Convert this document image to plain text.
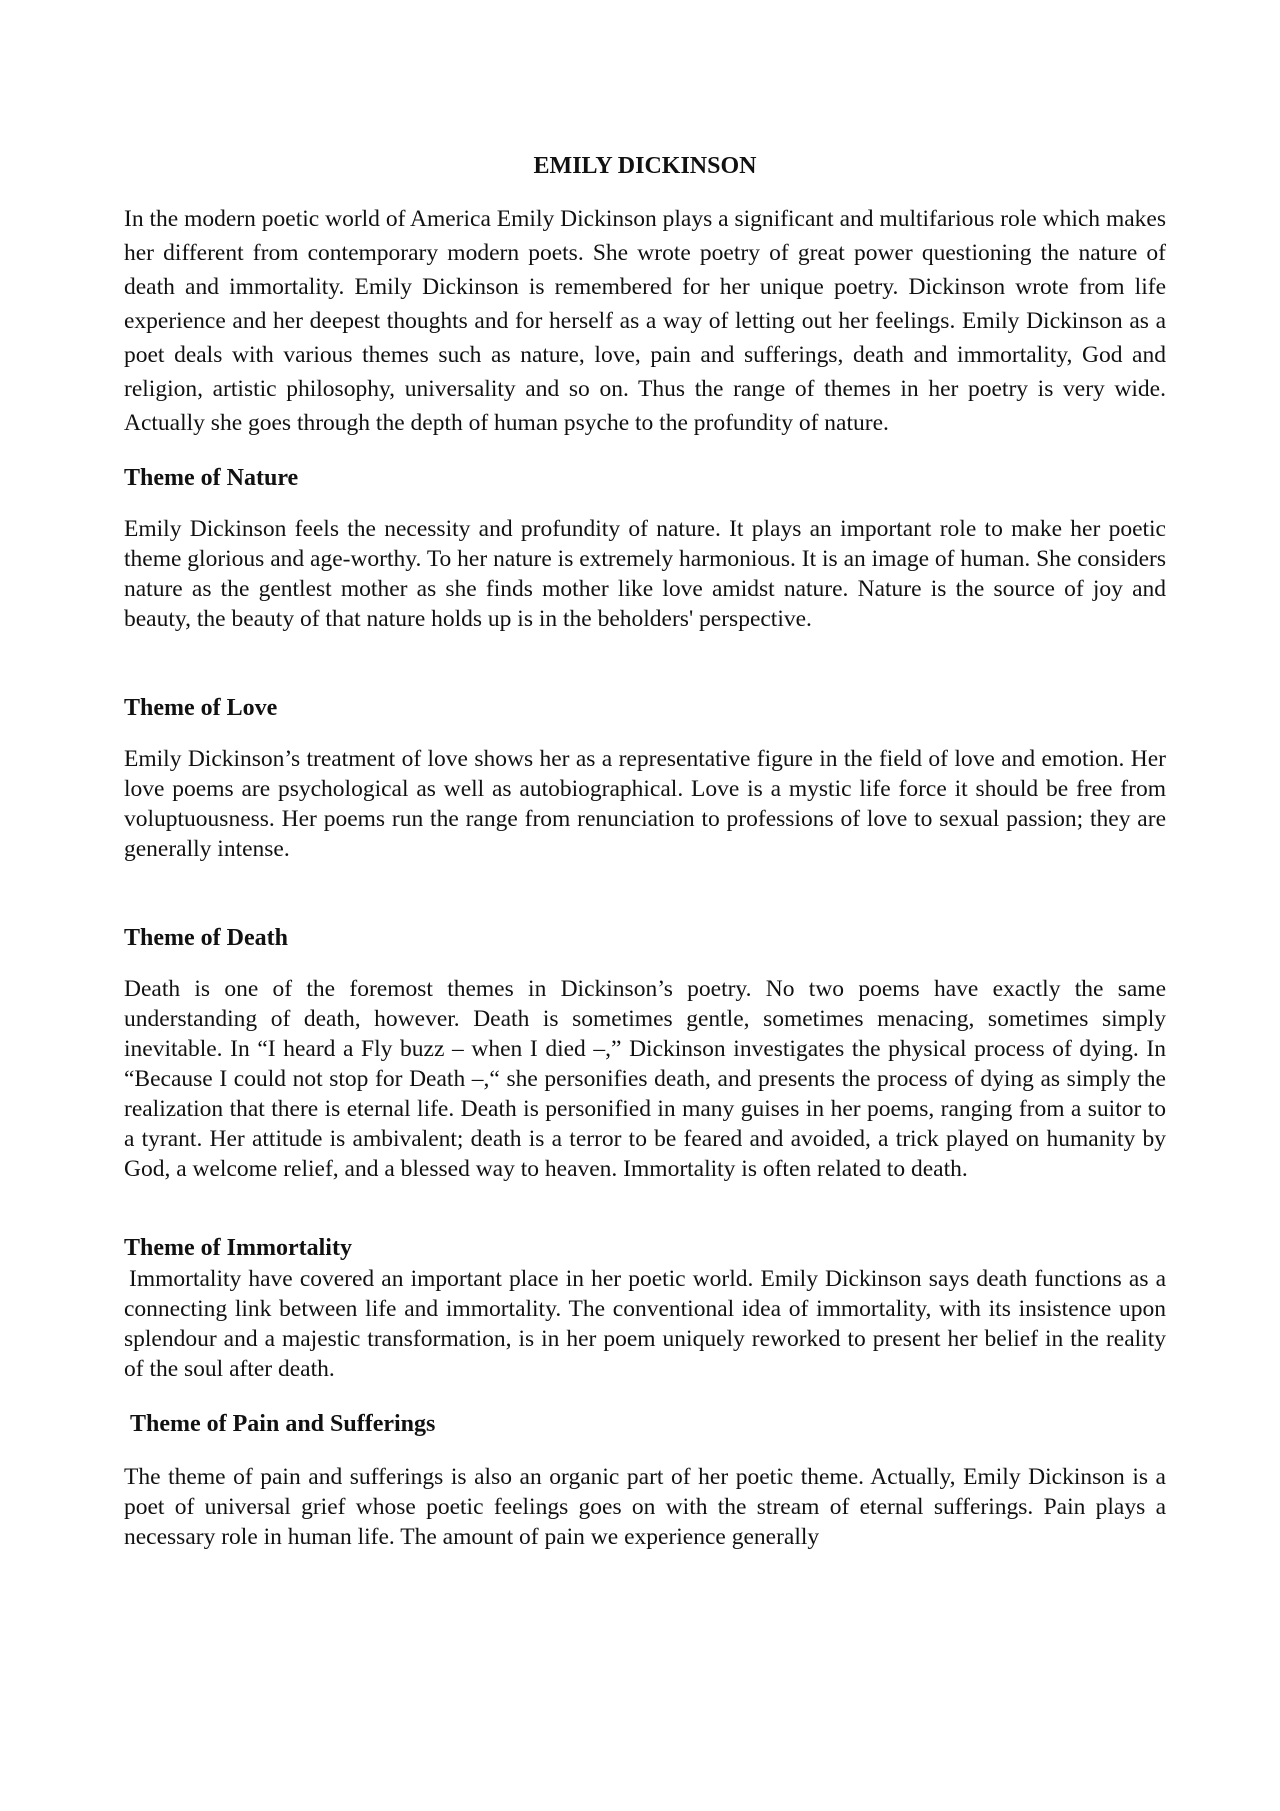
EMILY DICKINSON

In the modern poetic world of America Emily Dickinson plays a significant and multifarious role which makes her different from contemporary modern poets. She wrote poetry of great power questioning the nature of death and immortality. Emily Dickinson is remembered for her unique poetry. Dickinson wrote from life experience and her deepest thoughts and for herself as a way of letting out her feelings. Emily Dickinson as a poet deals with various themes such as nature, love, pain and sufferings, death and immortality, God and religion, artistic philosophy, universality and so on. Thus the range of themes in her poetry is very wide. Actually she goes through the depth of human psyche to the profundity of nature.

Theme of Nature

Emily Dickinson feels the necessity and profundity of nature. It plays an important role to make her poetic theme glorious and age-worthy. To her nature is extremely harmonious. It is an image of human. She considers nature as the gentlest mother as she finds mother like love amidst nature. Nature is the source of joy and beauty, the beauty of that nature holds up is in the beholders' perspective.

Theme of Love

Emily Dickinson’s treatment of love shows her as a representative figure in the field of love and emotion. Her love poems are psychological as well as autobiographical. Love is a mystic life force it should be free from voluptuousness. Her poems run the range from renunciation to professions of love to sexual passion; they are generally intense.

Theme of Death

Death is one of the foremost themes in Dickinson’s poetry. No two poems have exactly the same understanding of death, however. Death is sometimes gentle, sometimes menacing, sometimes simply inevitable. In “I heard a Fly buzz – when I died –,” Dickinson investigates the physical process of dying. In “Because I could not stop for Death –,“ she personifies death, and presents the process of dying as simply the realization that there is eternal life. Death is personified in many guises in her poems, ranging from a suitor to a tyrant. Her attitude is ambivalent; death is a terror to be feared and avoided, a trick played on humanity by God, a welcome relief, and a blessed way to heaven. Immortality is often related to death.

Theme of Immortality

Immortality have covered an important place in her poetic world. Emily Dickinson says death functions as a connecting link between life and immortality. The conventional idea of immortality, with its insistence upon splendour and a majestic transformation, is in her poem uniquely reworked to present her belief in the reality of the soul after death.

Theme of Pain and Sufferings

The theme of pain and sufferings is also an organic part of her poetic theme. Actually, Emily Dickinson is a poet of universal grief whose poetic feelings goes on with the stream of eternal sufferings. Pain plays a necessary role in human life. The amount of pain we experience generally
